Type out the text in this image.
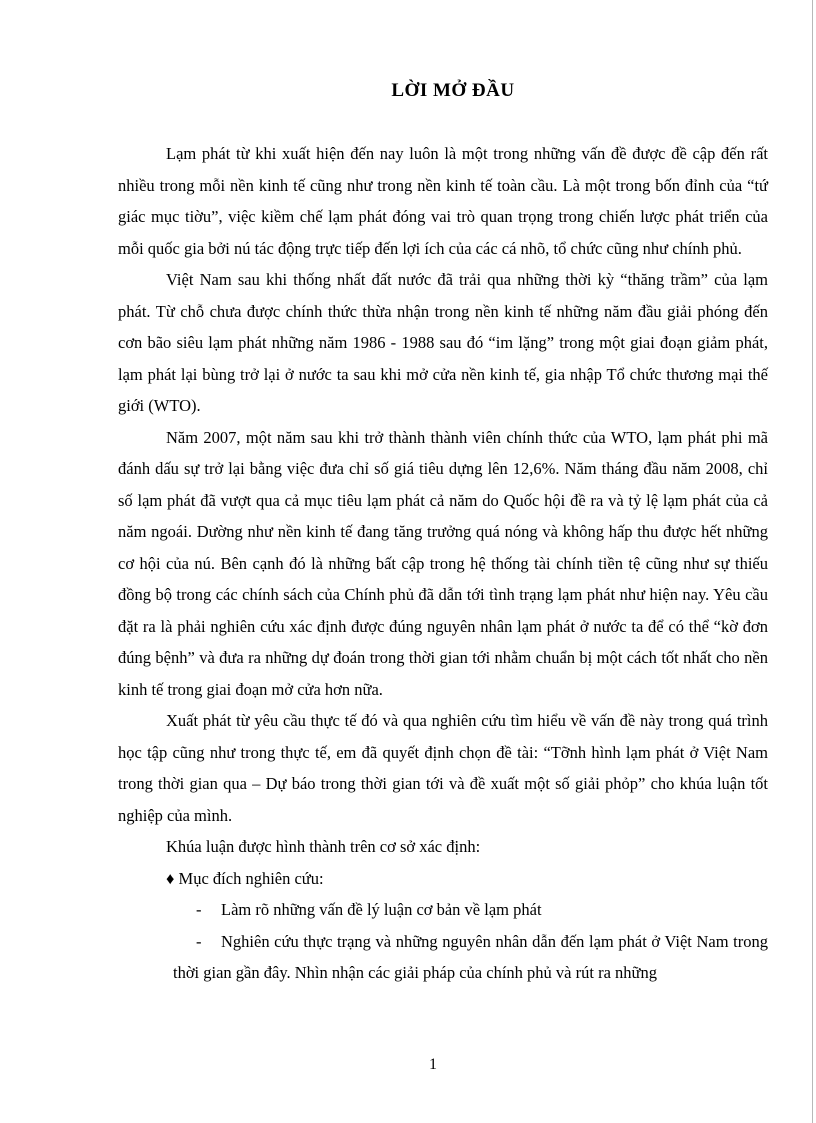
LỜI MỞ ĐẦU

Lạm phát từ khi xuất hiện đến nay luôn là một trong những vấn đề được đề cập đến rất nhiều trong mỗi nền kinh tế cũng như trong nền kinh tế toàn cầu. Là một trong bốn đỉnh của “tứ giác mục tiờu”, việc kiềm chế lạm phát đóng vai trò quan trọng trong chiến lược phát triển của mỗi quốc gia bởi nú tác động trực tiếp đến lợi ích của các cá nhõ, tổ chức cũng như chính phủ.

Việt Nam sau khi thống nhất đất nước đã trải qua những thời kỳ “thăng trầm” của lạm phát. Từ chỗ chưa được chính thức thừa nhận trong nền kinh tế những năm đầu giải phóng đến cơn bão siêu lạm phát những năm 1986 - 1988 sau đó “im lặng” trong một giai đoạn giảm phát, lạm phát lại bùng trở lại ở nước ta sau khi mở cửa nền kinh tế, gia nhập Tổ chức thương mại thế giới (WTO).

Năm 2007, một năm sau khi trở thành thành viên chính thức của WTO, lạm phát phi mã đánh dấu sự trở lại bằng việc đưa chỉ số giá tiêu dựng lên 12,6%. Năm tháng đầu năm 2008, chỉ số lạm phát đã vượt qua cả mục tiêu lạm phát cả năm do Quốc hội đề ra và tỷ lệ lạm phát của cả năm ngoái. Dường như nền kinh tế đang tăng trưởng quá nóng và không hấp thu được hết những cơ hội của nú. Bên cạnh đó là những bất cập trong hệ thống tài chính tiền tệ cũng như sự thiếu đồng bộ trong các chính sách của Chính phủ đã dẫn tới tình trạng lạm phát như hiện nay. Yêu cầu đặt ra là phải nghiên cứu xác định được đúng nguyên nhân lạm phát ở nước ta để có thể “kờ đơn đúng bệnh” và đưa ra những dự đoán trong thời gian tới nhằm chuẩn bị một cách tốt nhất cho nền kinh tế trong giai đoạn mở cửa hơn nữa.

Xuất phát từ yêu cầu thực tế đó và qua nghiên cứu tìm hiểu về vấn đề này trong quá trình học tập cũng như trong thực tế, em đã quyết định chọn đề tài: “Tỡnh hình lạm phát ở Việt Nam trong thời gian qua – Dự báo trong thời gian tới và đề xuất một số giải phỏp” cho khúa luận tốt nghiệp của mình.

Khúa luận được hình thành trên cơ sở xác định:

♦ Mục đích nghiên cứu:

- Làm rõ những vấn đề lý luận cơ bản về lạm phát

- Nghiên cứu thực trạng và những nguyên nhân dẫn đến lạm phát ở Việt Nam trong thời gian gần đây. Nhìn nhận các giải pháp của chính phủ và rút ra những

1
